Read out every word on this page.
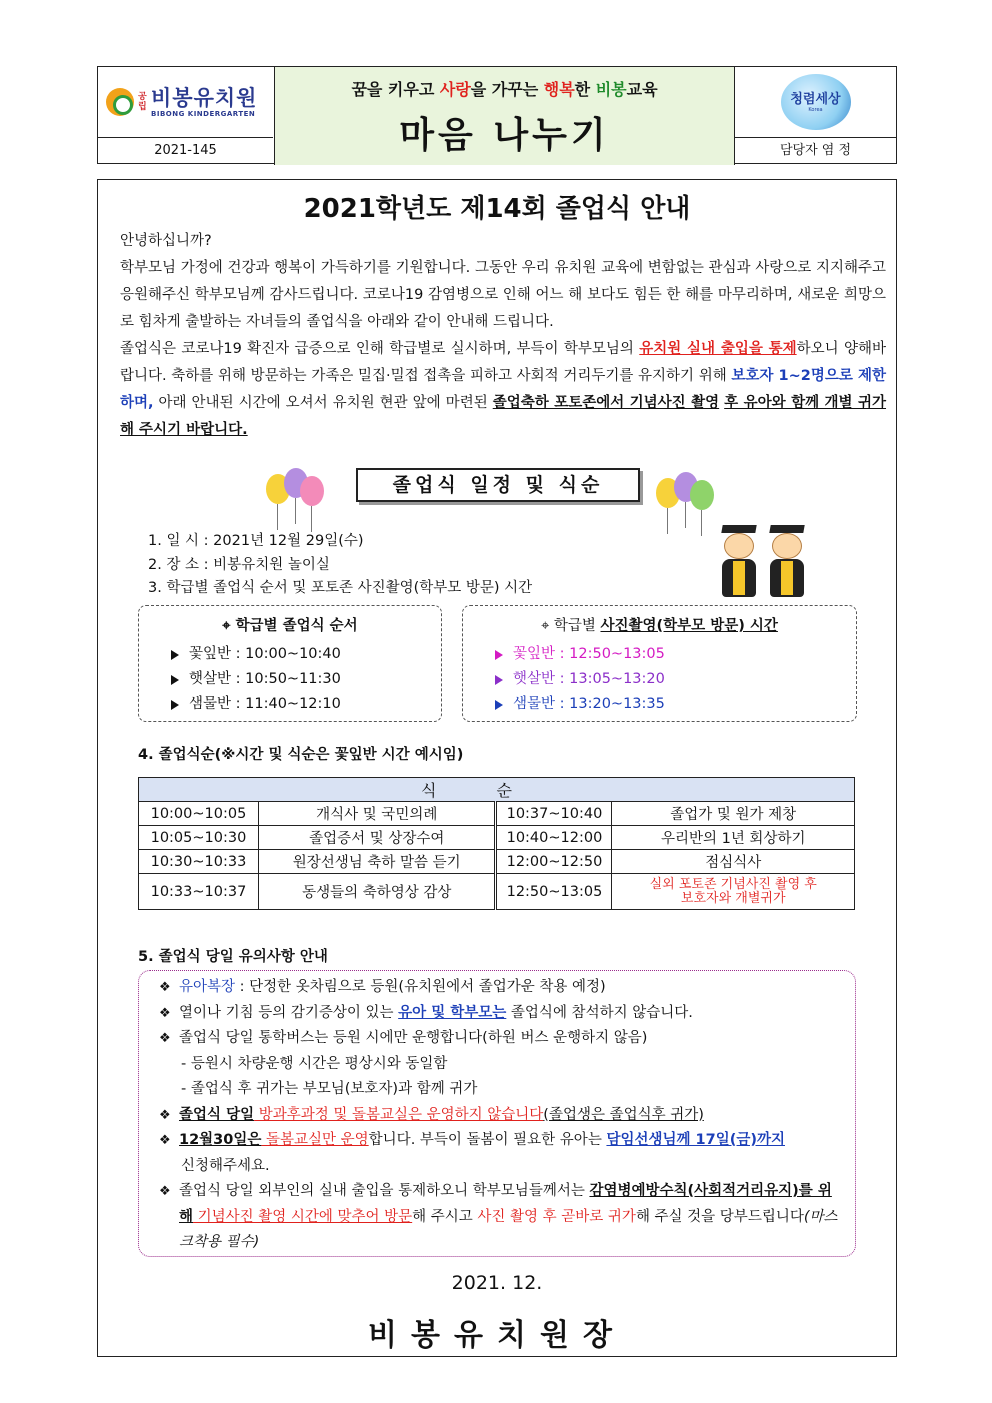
공립 비봉유치원
BIBONG KINDERGARTEN
2021-145
꿈을 키우고 사랑을 가꾸는 행복한 비봉교육
마음 나누기
청렴세상
Korea
담당자 염 정
2021학년도 제14회 졸업식 안내
안녕하십니까?
학부모님 가정에 건강과 행복이 가득하기를 기원합니다. 그동안 우리 유치원 교육에 변함없는 관심과 사랑으로 지지해주고 응원해주신 학부모님께 감사드립니다. 코로나19 감염병으로 인해 어느 해 보다도 힘든 한 해를 마무리하며, 새로운 희망으로 힘차게 출발하는 자녀들의 졸업식을 아래와 같이 안내해 드립니다.
졸업식은 코로나19 확진자 급증으로 인해 학급별로 실시하며, 부득이 학부모님의 유치원 실내 출입을 통제하오니 양해바랍니다. 축하를 위해 방문하는 가족은 밀집·밀접 접촉을 피하고 사회적 거리두기를 유지하기 위해 보호자 1~2명으로 제한하며, 아래 안내된 시간에 오셔서 유치원 현관 앞에 마련된 졸업축하 포토존에서 기념사진 촬영 후 유아와 함께 개별 귀가해 주시기 바랍니다.
졸업식 일정 및 식순
1. 일 시 : 2021년 12월 29일(수)
2. 장 소 : 비봉유치원 놀이실
3. 학급별 졸업식 순서 및 포토존 사진촬영(학부모 방문) 시간
⌖ 학급별 졸업식 순서
꽃잎반 : 10:00~10:40
햇살반 : 10:50~11:30
샘물반 : 11:40~12:10
⌖ 학급별 사진촬영(학부모 방문) 시간
꽃잎반 : 12:50~13:05
햇살반 : 13:05~13:20
샘물반 : 13:20~13:35
4. 졸업식순(※시간 및 식순은 꽃잎반 시간 예시임)
식순			
10:00~10:05	개식사 및 국민의례	10:37~10:40	졸업가 및 원가 제창
10:05~10:30	졸업증서 및 상장수여	10:40~12:00	우리반의 1년 회상하기
10:30~10:33	원장선생님 축하 말씀 듣기	12:00~12:50	점심식사
10:33~10:37	동생들의 축하영상 감상	12:50~13:05	실외 포토존 기념사진 촬영 후
보호자와 개별귀가
5. 졸업식 당일 유의사항 안내
❖ 유아복장 : 단정한 옷차림으로 등원(유치원에서 졸업가운 착용 예정)
❖ 열이나 기침 등의 감기증상이 있는 유아 및 학부모는 졸업식에 참석하지 않습니다.
❖ 졸업식 당일 통학버스는 등원 시에만 운행합니다(하원 버스 운행하지 않음)
- 등원시 차량운행 시간은 평상시와 동일함
- 졸업식 후 귀가는 부모님(보호자)과 함께 귀가
❖ 졸업식 당일 방과후과정 및 돌봄교실은 운영하지 않습니다(졸업생은 졸업식후 귀가)
❖ 12월30일은 돌봄교실만 운영합니다. 부득이 돌봄이 필요한 유아는 담임선생님께 17일(금)까지
신청해주세요.
❖ 졸업식 당일 외부인의 실내 출입을 통제하오니 학부모님들께서는 감염병예방수칙(사회적거리유지)를 위해 기념사진 촬영 시간에 맞추어 방문해 주시고 사진 촬영 후 곧바로 귀가해 주실 것을 당부드립니다(마스크착용 필수)
2021. 12.
비봉유치원장
